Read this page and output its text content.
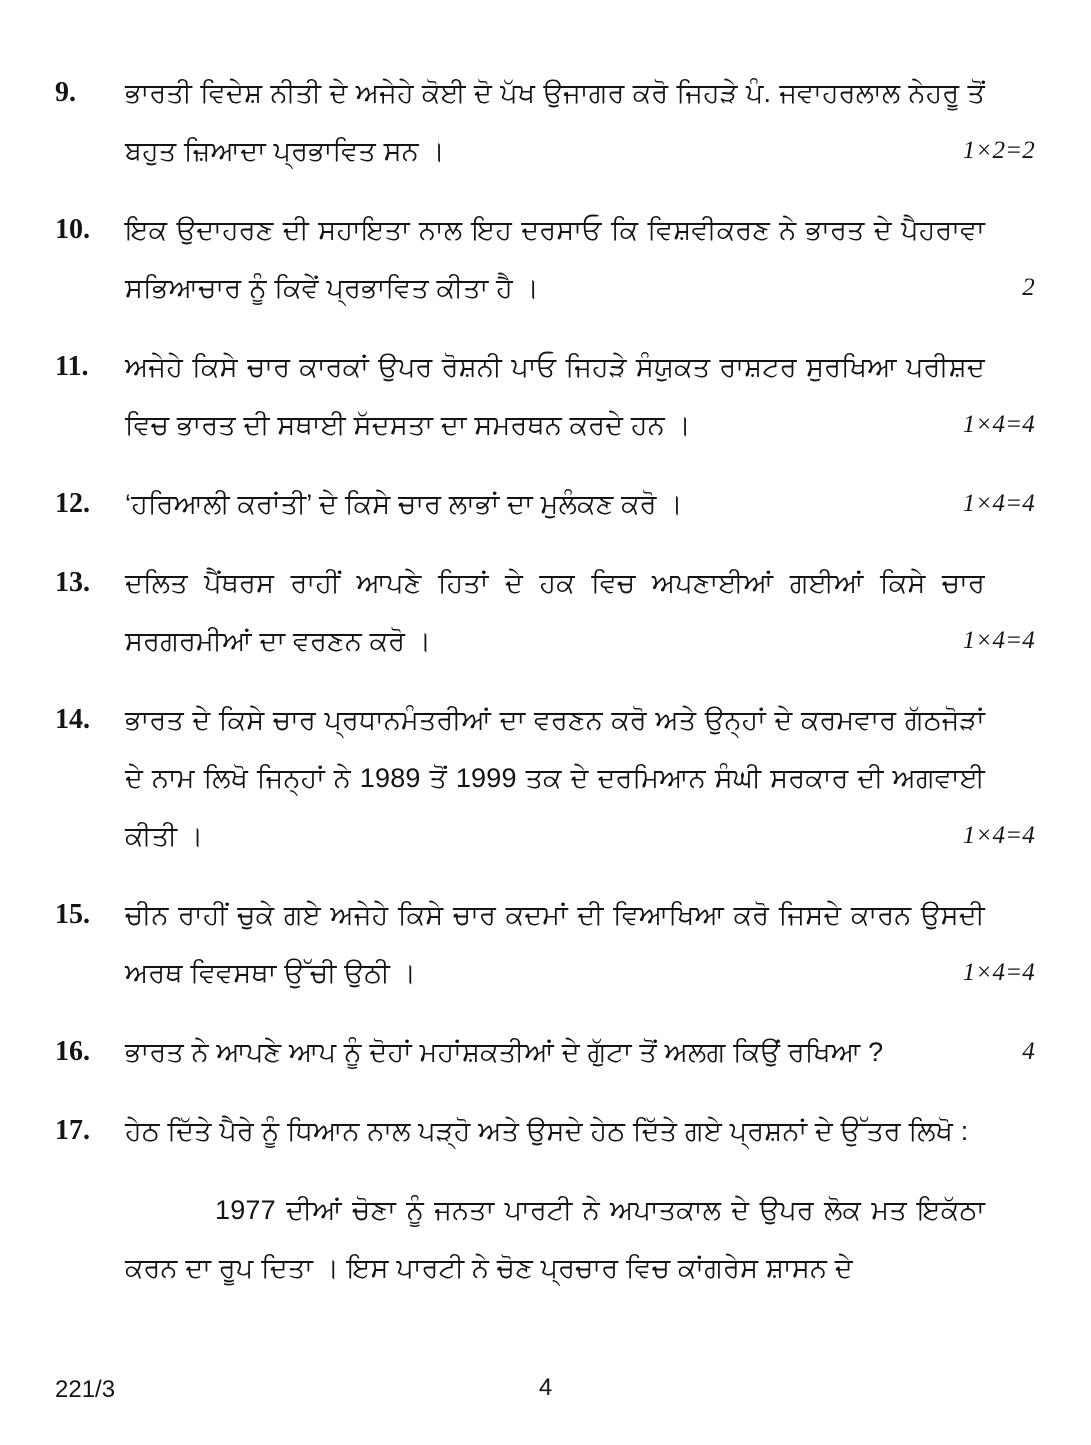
9.	ਭਾਰਤੀ ਵਿਦੇਸ਼ ਨੀਤੀ ਦੇ ਅਜੇਹੇ ਕੋਈ ਦੋ ਪੱਖ ਉਜਾਗਰ ਕਰੋ ਜਿਹੜੇ ਪੰ. ਜਵਾਹਰਲਾਲ ਨੇਹਰੂ ਤੋਂ ਬਹੁਤ ਜ਼ਿਆਦਾ ਪ੍ਰਭਾਵਿਤ ਸਨ ।	1×2=2
10.	ਇਕ ਉਦਾਹਰਣ ਦੀ ਸਹਾਇਤਾ ਨਾਲ ਇਹ ਦਰਸਾਓ ਕਿ ਵਿਸ਼ਵੀਕਰਣ ਨੇ ਭਾਰਤ ਦੇ ਪੈਹਰਾਵਾ ਸਭਿਆਚਾਰ ਨੂੰ ਕਿਵੇਂ ਪ੍ਰਭਾਵਿਤ ਕੀਤਾ ਹੈ ।	2
11.	ਅਜੇਹੇ ਕਿਸੇ ਚਾਰ ਕਾਰਕਾਂ ਉਪਰ ਰੋਸ਼ਨੀ ਪਾਓ ਜਿਹੜੇ ਸੰਯੁਕਤ ਰਾਸ਼ਟਰ ਸੁਰਖਿਆ ਪਰੀਸ਼ਦ ਵਿਚ ਭਾਰਤ ਦੀ ਸਥਾਈ ਸੱਦਸਤਾ ਦਾ ਸਮਰਥਨ ਕਰਦੇ ਹਨ ।	1×4=4
12.	‘ਹਰਿਆਲੀ ਕਰਾਂਤੀ’ ਦੇ ਕਿਸੇ ਚਾਰ ਲਾਭਾਂ ਦਾ ਮੁਲੰਕਣ ਕਰੋ ।	1×4=4
13.	ਦਲਿਤ ਪੈਂਥਰਸ ਰਾਹੀਂ ਆਪਣੇ ਹਿਤਾਂ ਦੇ ਹਕ ਵਿਚ ਅਪਣਾਈਆਂ ਗਈਆਂ ਕਿਸੇ ਚਾਰ ਸਰਗਰਮੀਆਂ ਦਾ ਵਰਣਨ ਕਰੋ ।	1×4=4
14.	ਭਾਰਤ ਦੇ ਕਿਸੇ ਚਾਰ ਪ੍ਰਧਾਨਮੰਤਰੀਆਂ ਦਾ ਵਰਣਨ ਕਰੋ ਅਤੇ ਉਨ੍ਹਾਂ ਦੇ ਕਰਮਵਾਰ ਗੱਠਜੋੜਾਂ ਦੇ ਨਾਮ ਲਿਖੋ ਜਿਨ੍ਹਾਂ ਨੇ 1989 ਤੋਂ 1999 ਤਕ ਦੇ ਦਰਮਿਆਨ ਸੰਘੀ ਸਰਕਾਰ ਦੀ ਅਗਵਾਈ ਕੀਤੀ ।	1×4=4
15.	ਚੀਨ ਰਾਹੀਂ ਚੁਕੇ ਗਏ ਅਜੇਹੇ ਕਿਸੇ ਚਾਰ ਕਦਮਾਂ ਦੀ ਵਿਆਖਿਆ ਕਰੋ ਜਿਸਦੇ ਕਾਰਨ ਉਸਦੀ ਅਰਥ ਵਿਵਸਥਾ ਉੱਚੀ ਉਠੀ ।	1×4=4
16.	ਭਾਰਤ ਨੇ ਆਪਣੇ ਆਪ ਨੂੰ ਦੋਹਾਂ ਮਹਾਂਸ਼ਕਤੀਆਂ ਦੇ ਗੁੱਟਾ ਤੋਂ ਅਲਗ ਕਿਉਂ ਰਖਿਆ ?	4
17.	ਹੇਠ ਦਿੱਤੇ ਪੈਰੇ ਨੂੰ ਧਿਆਨ ਨਾਲ ਪੜ੍ਹੋ ਅਤੇ ਉਸਦੇ ਹੇਠ ਦਿੱਤੇ ਗਏ ਪ੍ਰਸ਼ਨਾਂ ਦੇ ਉੱਤਰ ਲਿਖੋ :
1977 ਦੀਆਂ ਚੋਣਾ ਨੂੰ ਜਨਤਾ ਪਾਰਟੀ ਨੇ ਅਪਾਤਕਾਲ ਦੇ ਉਪਰ ਲੋਕ ਮਤ ਇਕੱਠਾ ਕਰਨ ਦਾ ਰੂਪ ਦਿਤਾ । ਇਸ ਪਾਰਟੀ ਨੇ ਚੋਣ ਪ੍ਰਚਾਰ ਵਿਚ ਕਾਂਗਰੇਸ ਸ਼ਾਸਨ ਦੇ
221/3	4
